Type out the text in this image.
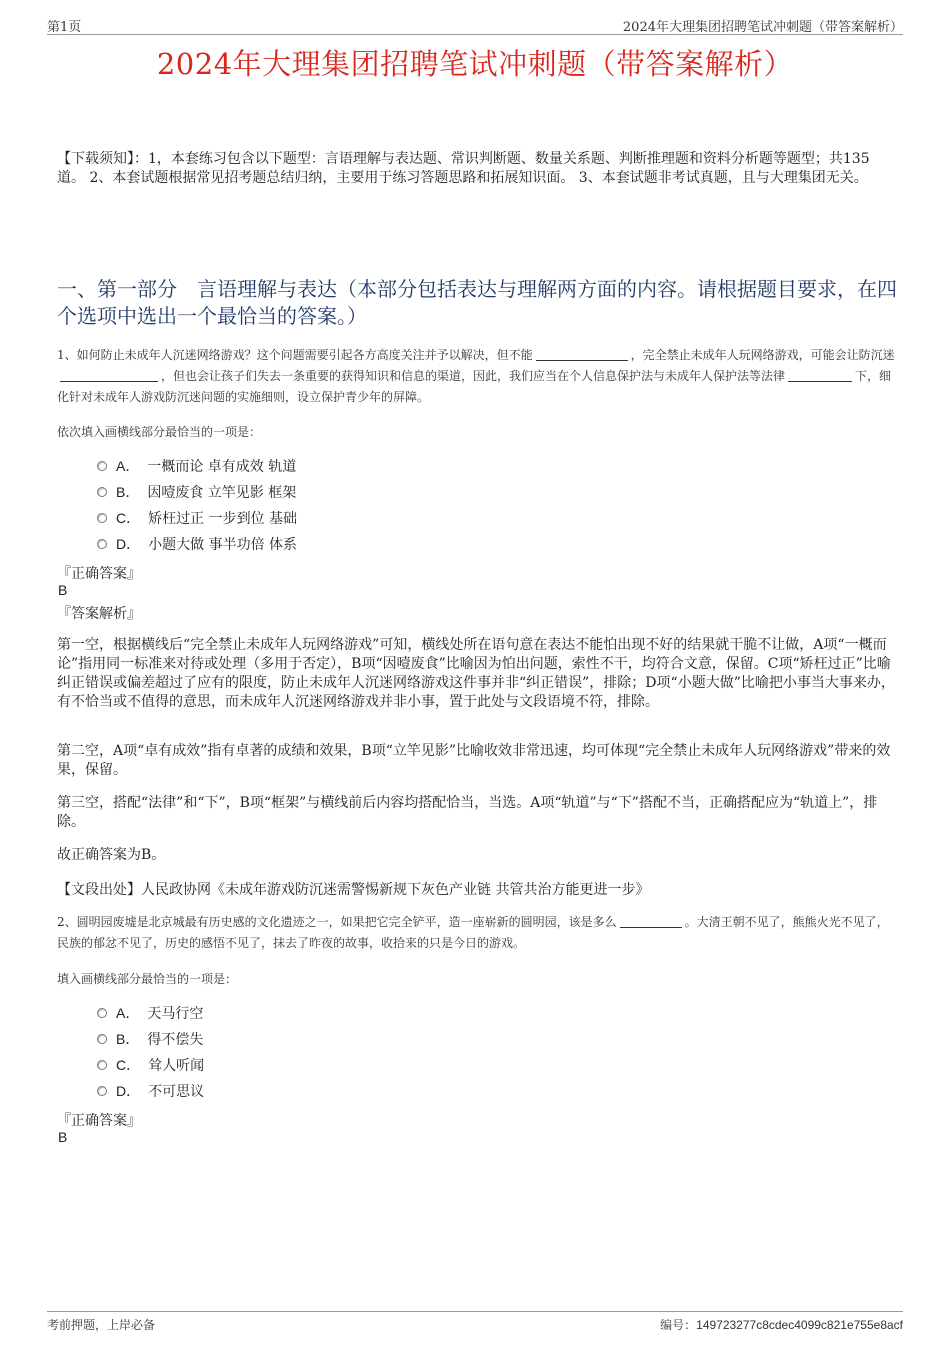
第1页	2024年大理集团招聘笔试冲刺题（带答案解析）
2024年大理集团招聘笔试冲刺题（带答案解析）
【下载须知】：1，本套练习包含以下题型：言语理解与表达题、常识判断题、数量关系题、判断推理题和资料分析题等题型；共135道。 2、本套试题根据常见招考题总结归纳，主要用于练习答题思路和拓展知识面。 3、本套试题非考试真题，且与大理集团无关。
一、第一部分　言语理解与表达（本部分包括表达与理解两方面的内容。请根据题目要求，在四个选项中选出一个最恰当的答案。）
1、如何防止未成年人沉迷网络游戏？这个问题需要引起各方高度关注并予以解决，但不能	，完全禁止未成年人玩网络游戏，可能会让防沉迷，但也会让孩子们失去一条重要的获得知识和信息的渠道，因此，我们应当在个人信息保护法与未成年人保护法等法律	下，细化针对未成年人游戏防沉迷问题的实施细则，设立保护青少年的屏障。
依次填入画横线部分最恰当的一项是：
A． 一概而论 卓有成效 轨道
B． 因噎废食 立竿见影 框架
C． 矫枉过正 一步到位 基础
D． 小题大做 事半功倍 体系
『正确答案』
B
『答案解析』
第一空，根据横线后“完全禁止未成年人玩网络游戏”可知，横线处所在语句意在表达不能怕出现不好的结果就干脆不让做，A项“一概而论”指用同一标准来对待或处理（多用于否定），B项“因噎废食”比喻因为怕出问题，索性不干，均符合文意，保留。C项“矫枉过正”比喻纠正错误或偏差超过了应有的限度，防止未成年人沉迷网络游戏这件事并非“纠正错误”，排除；D项“小题大做”比喻把小事当大事来办，有不恰当或不值得的意思，而未成年人沉迷网络游戏并非小事，置于此处与文段语境不符，排除。
第二空，A项“卓有成效”指有卓著的成绩和效果，B项“立竿见影”比喻收效非常迅速，均可体现“完全禁止未成年人玩网络游戏”带来的效果，保留。
第三空，搭配“法律”和“下”，B项“框架”与横线前后内容均搭配恰当，当选。A项“轨道”与“下”搭配不当，正确搭配应为“轨道上”，排除。
故正确答案为B。
【文段出处】人民政协网《未成年游戏防沉迷需警惕新规下灰色产业链 共管共治方能更进一步》
2、圆明园废墟是北京城最有历史感的文化遗迹之一，如果把它完全铲平，造一座崭新的圆明园，该是多么	。大清王朝不见了，熊熊火光不见了，民族的郁忿不见了，历史的感悟不见了，抹去了昨夜的故事，收拾来的只是今日的游戏。
填入画横线部分最恰当的一项是：
A． 天马行空
B． 得不偿失
C． 耸人听闻
D． 不可思议
『正确答案』
B
考前押题，上岸必备	编号：149723277c8cdec4099c821e755e8acf
